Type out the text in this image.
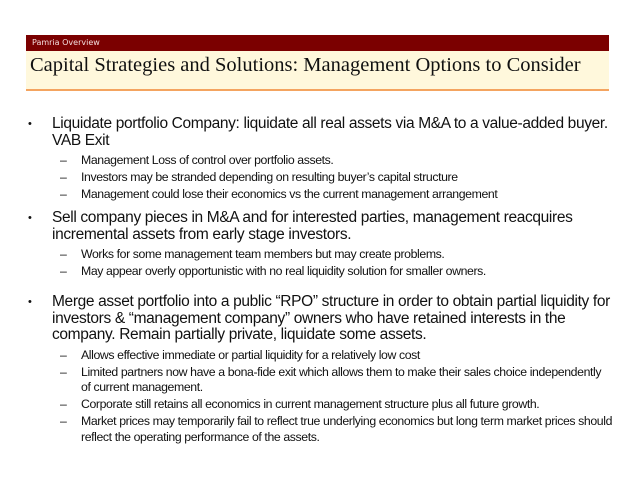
Pamria Overview
Capital Strategies and Solutions: Management Options to Consider
• Liquidate portfolio Company: liquidate all real assets via M&A to a value-added buyer. VAB Exit
– Management Loss of control over portfolio assets.
– Investors may be stranded depending on resulting buyer’s capital structure
– Management could lose their economics vs the current management arrangement
• Sell company pieces in M&A and for interested parties, management reacquires incremental assets from early stage investors.
– Works for some management team members but may create problems.
– May appear overly opportunistic with no real liquidity solution for smaller owners.
• Merge asset portfolio into a public “RPO” structure in order to obtain partial liquidity for investors & “management company” owners who have retained interests in the company. Remain partially private, liquidate some assets.
– Allows effective immediate or partial liquidity for a relatively low cost
– Limited partners now have a bona-fide exit which allows them to make their sales choice independently of current management.
– Corporate still retains all economics in current management structure plus all future growth.
– Market prices may temporarily fail to reflect true underlying economics but long term market prices should reflect the operating performance of the assets.
